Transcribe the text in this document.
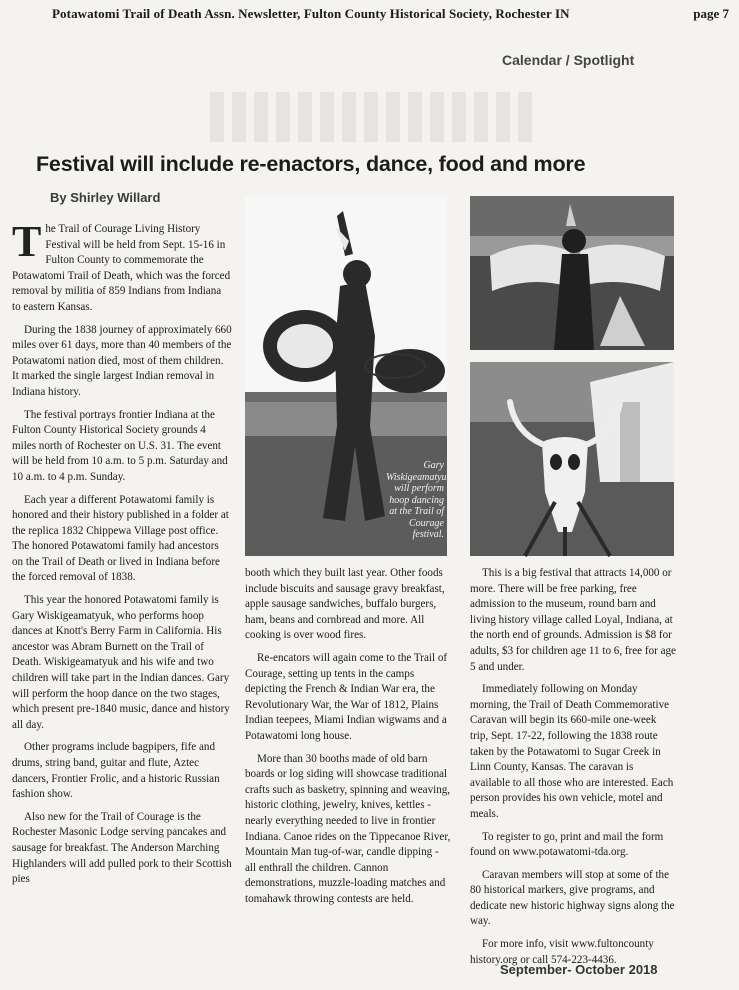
Potawatomi Trail of Death Assn. Newsletter, Fulton County Historical Society, Rochester IN	page 7
Calendar / Spotlight
Festival will include re-enactors, dance, food and more
By Shirley Willard

The Trail of Courage Living History Festival will be held from Sept. 15-16 in Fulton County to commemorate the Potawatomi Trail of Death, which was the forced removal by militia of 859 Indians from Indiana to eastern Kansas.

During the 1838 journey of approximately 660 miles over 61 days, more than 40 members of the Potawatomi nation died, most of them children. It marked the single largest Indian removal in Indiana history.

The festival portrays frontier Indiana at the Fulton County Historical Society grounds 4 miles north of Rochester on U.S. 31. The event will be held from 10 a.m. to 5 p.m. Saturday and 10 a.m. to 4 p.m. Sunday.

Each year a different Potawatomi family is honored and their history published in a folder at the replica 1832 Chippewa Village post office. The honored Potawatomi family had ancestors on the Trail of Death or lived in Indiana before the forced removal of 1838.

This year the honored Potawatomi family is Gary Wiskigeamatyuk, who performs hoop dances at Knott's Berry Farm in California. His ancestor was Abram Burnett on the Trail of Death. Wiskigeamatyuk and his wife and two children will take part in the Indian dances. Gary will perform the hoop dance on the two stages, which present pre-1840 music, dance and history all day.

Other programs include bagpipers, fife and drums, string band, guitar and flute, Aztec dancers, Frontier Frolic, and a historic Russian fashion show.

Also new for the Trail of Courage is the Rochester Masonic Lodge serving pancakes and sausage for breakfast. The Anderson Marching Highlanders will add pulled pork to their Scottish pies

Gary Wiskigeamatyuk will perform hoop dancing at the Trail of Courage festival.

booth which they built last year. Other foods include biscuits and sausage gravy breakfast, apple sausage sandwiches, buffalo burgers, ham, beans and cornbread and more. All cooking is over wood fires.

Re-encators will again come to the Trail of Courage, setting up tents in the camps depicting the French & Indian War era, the Revolutionary War, the War of 1812, Plains Indian teepees, Miami Indian wigwams and a Potawatomi long house.

More than 30 booths made of old barn boards or log siding will showcase traditional crafts such as basketry, spinning and weaving, historic clothing, jewelry, knives, kettles - nearly everything needed to live in frontier Indiana. Canoe rides on the Tippecanoe River, Mountain Man tug-of-war, candle dipping - all enthrall the children. Cannon demonstrations, muzzle-loading matches and tomahawk throwing contests are held.

This is a big festival that attracts 14,000 or more. There will be free parking, free admission to the museum, round barn and living history village called Loyal, Indiana, at the north end of grounds. Admission is $8 for adults, $3 for children age 11 to 6, free for age 5 and under.

Immediately following on Monday morning, the Trail of Death Commemorative Caravan will begin its 660-mile one-week trip, Sept. 17-22, following the 1838 route taken by the Potawatomi to Sugar Creek in Linn County, Kansas. The caravan is available to all those who are interested. Each person provides his own vehicle, motel and meals.

To register to go, print and mail the form found on www.potawatomi-tda.org.

Caravan members will stop at some of the 80 historical markers, give programs, and dedicate new historic highway signs along the way.

For more info, visit www.fultoncounty history.org or call 574-223-4436.

September- October 2018
